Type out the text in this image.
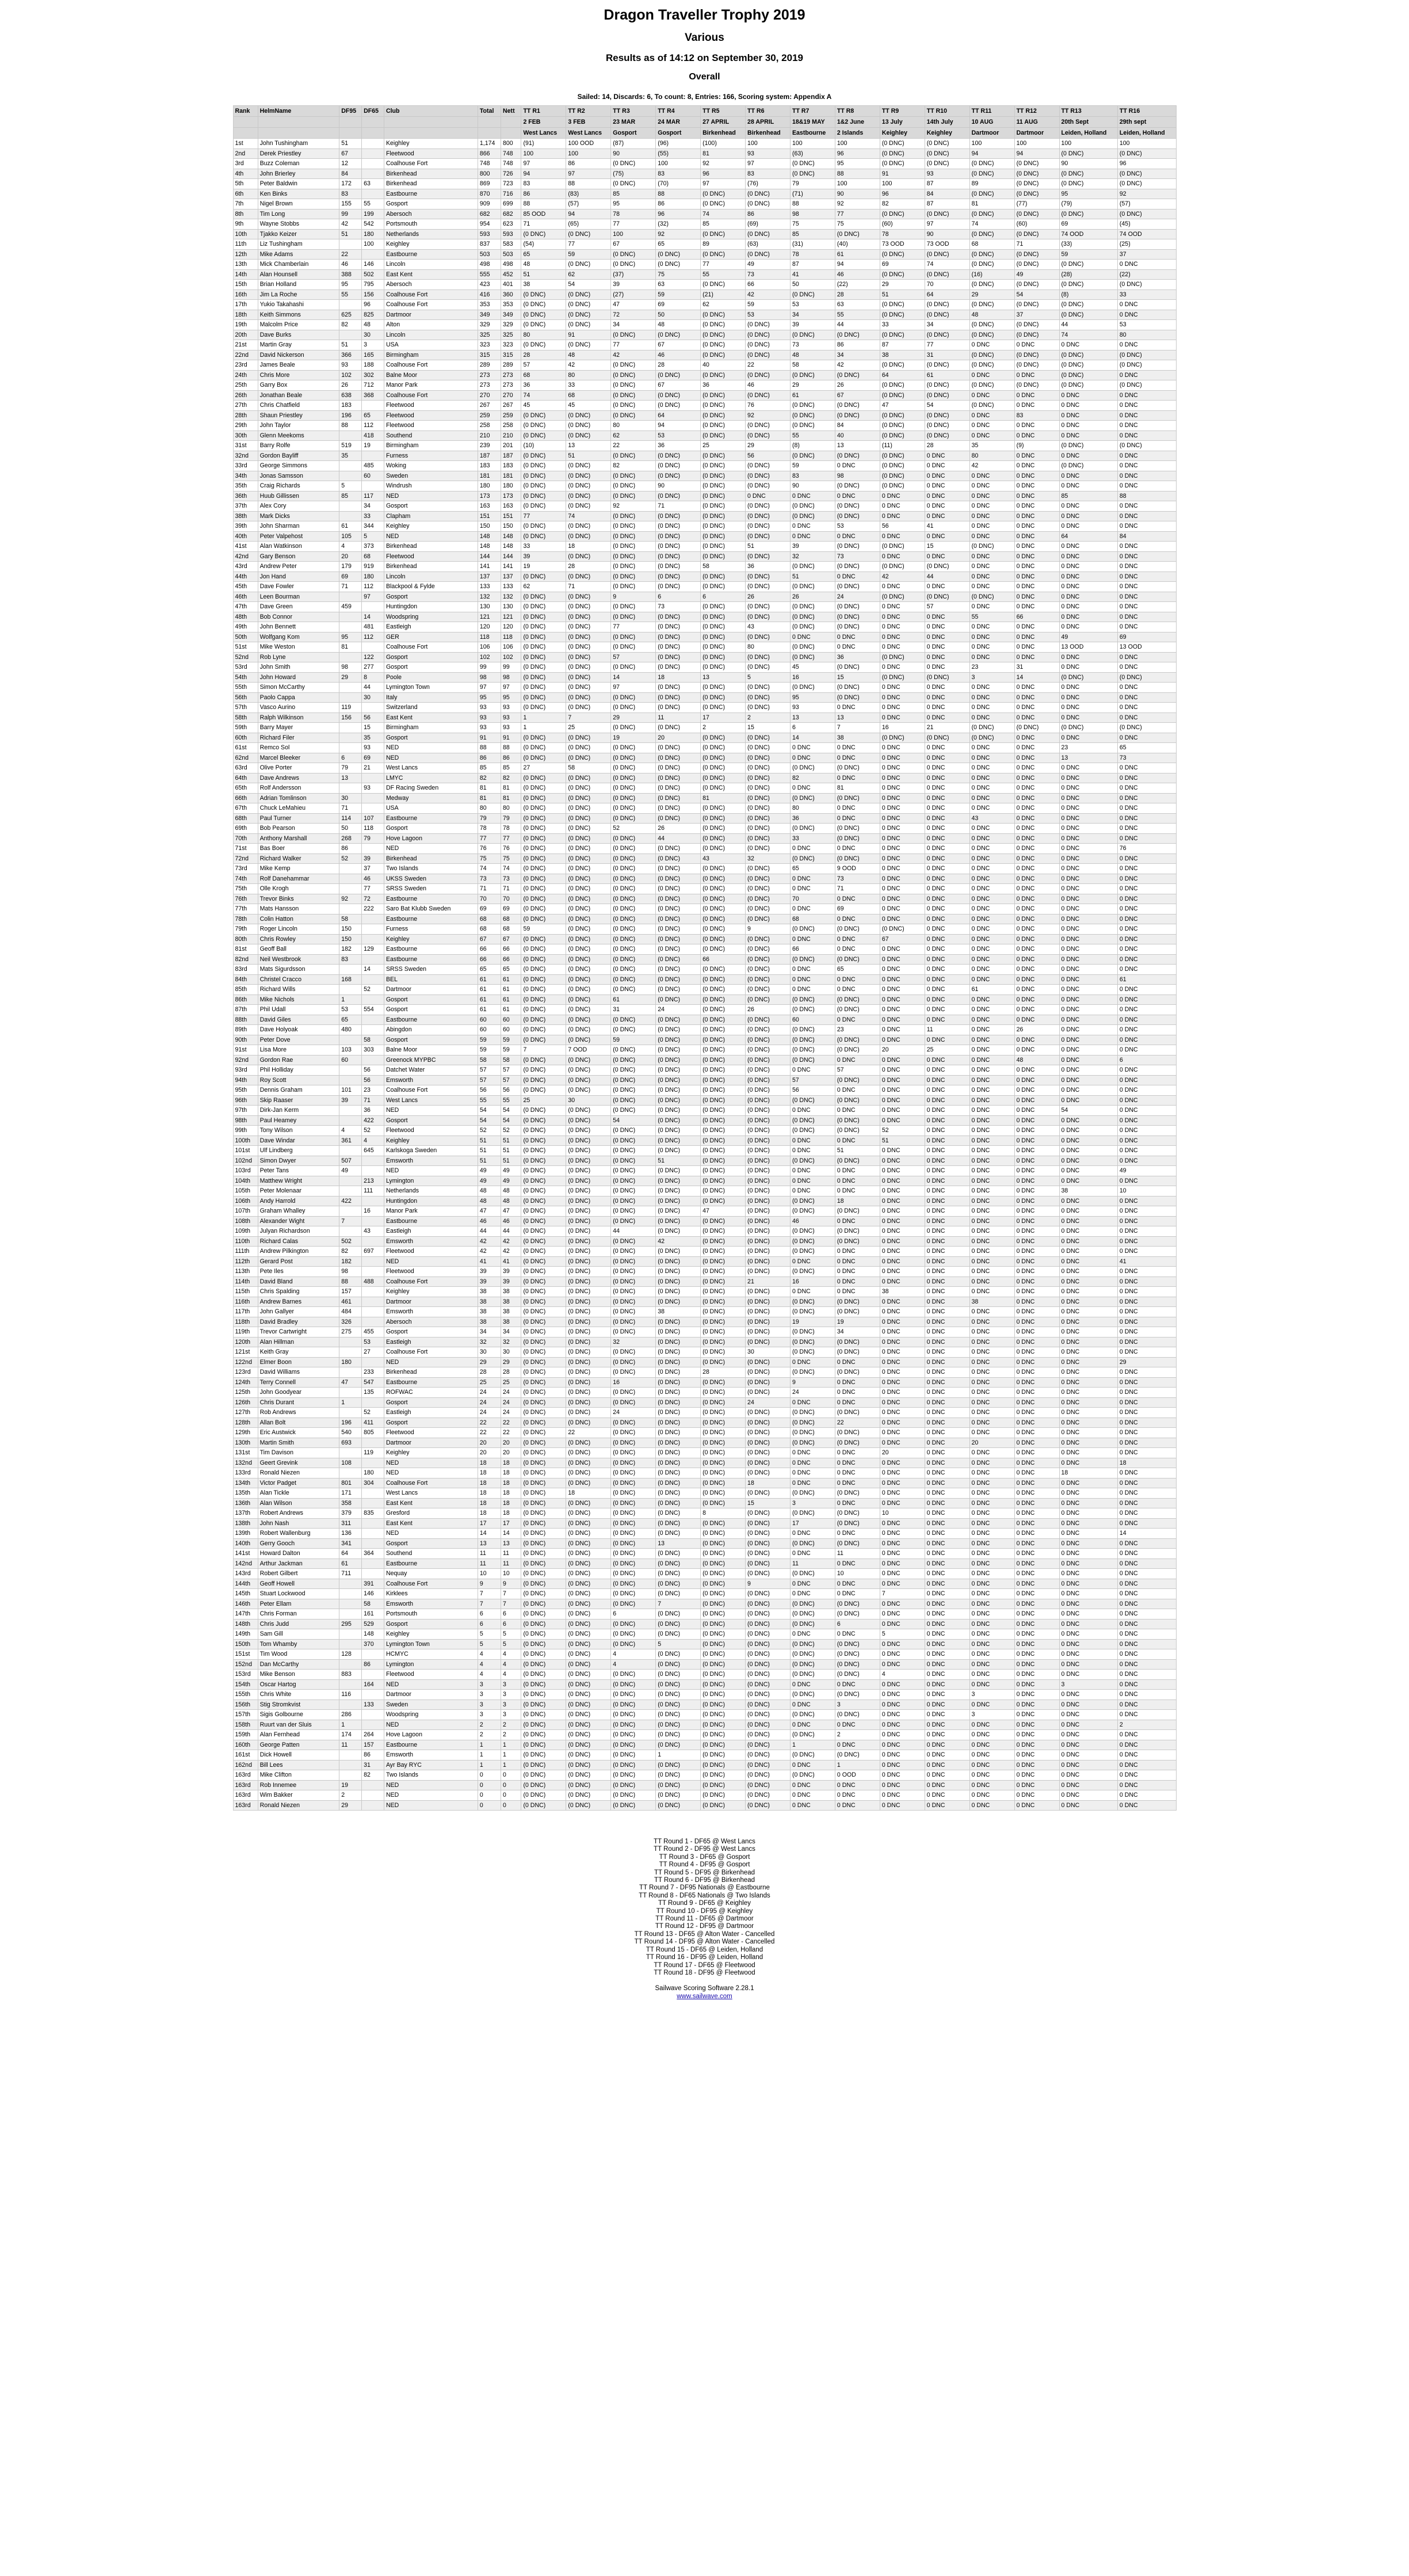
Dragon Traveller Trophy 2019
Various
Results as of 14:12 on September 30, 2019
Overall
Sailed: 14, Discards: 6, To count: 8, Entries: 166, Scoring system: Appendix A
Rank	HelmName	DF95	DF65	Club	Total	Nett	TT R1	TT R2	TT R3	TT R4	TT R5	TT R6	TT R7	TT R8	TT R9	TT R10	TT R11	TT R12	TT R13	TT R16
							2 FEB	3 FEB	23 MAR	24 MAR	27 APRIL	28 APRIL	18&19 MAY	1&2 June	13 July	14th July	10 AUG	11 AUG	20th Sept	29th sept
							West Lancs	West Lancs	Gosport	Gosport	Birkenhead	Birkenhead	Eastbourne	2 Islands	Keighley	Keighley	Dartmoor	Dartmoor	Leiden, Holland	Leiden, Holland
1st	John Tushingham	51		Keighley	1,174	800	(91)	100 OOD	(87)	(96)	(100)	100	100	100	(0 DNC)	(0 DNC)	100	100	100	100
2nd	Derek Priestley	67		Fleetwood	866	748	100	100	90	(55)	81	93	(63)	96	(0 DNC)	(0 DNC)	94	94	(0 DNC)	(0 DNC)
3rd	Buzz Coleman	12		Coalhouse Fort	748	748	97	86	(0 DNC)	100	92	97	(0 DNC)	95	(0 DNC)	(0 DNC)	(0 DNC)	(0 DNC)	90	96
4th	John Brierley	84		Birkenhead	800	726	94	97	(75)	83	96	83	(0 DNC)	88	91	93	(0 DNC)	(0 DNC)	(0 DNC)	(0 DNC)
5th	Peter Baldwin	172	63	Birkenhead	869	723	83	88	(0 DNC)	(70)	97	(76)	79	100	100	87	89	(0 DNC)	(0 DNC)	(0 DNC)
6th	Ken Binks	83		Eastbourne	870	716	86	(83)	85	88	(0 DNC)	(0 DNC)	(71)	90	96	84	(0 DNC)	(0 DNC)	95	92
7th	Nigel Brown	155	55	Gosport	909	699	88	(57)	95	86	(0 DNC)	(0 DNC)	88	92	82	87	81	(77)	(79)	(57)
8th	Tim Long	99	199	Abersoch	682	682	85 OOD	94	78	96	74	86	98	77	(0 DNC)	(0 DNC)	(0 DNC)	(0 DNC)	(0 DNC)	(0 DNC)
9th	Wayne Stobbs	42	542	Portsmouth	954	623	71	(65)	77	(32)	85	(69)	75	75	(60)	97	74	(60)	69	(45)
10th	Tjakko Keizer	51	180	Netherlands	593	593	(0 DNC)	(0 DNC)	100	92	(0 DNC)	(0 DNC)	85	(0 DNC)	78	90	(0 DNC)	(0 DNC)	74 OOD	74 OOD
11th	Liz Tushingham		100	Keighley	837	583	(54)	77	67	65	89	(63)	(31)	(40)	73 OOD	73 OOD	68	71	(33)	(25)
12th	Mike Adams	22		Eastbourne	503	503	65	59	(0 DNC)	(0 DNC)	(0 DNC)	(0 DNC)	78	61	(0 DNC)	(0 DNC)	(0 DNC)	(0 DNC)	59	37
13th	Mick Chamberlain	46	146	Lincoln	498	498	48	(0 DNC)	(0 DNC)	(0 DNC)	77	49	87	94	69	74	(0 DNC)	(0 DNC)	(0 DNC)	0 DNC
14th	Alan Hounsell	388	502	East Kent	555	452	51	62	(37)	75	55	73	41	46	(0 DNC)	(0 DNC)	(16)	49	(28)	(22)
15th	Brian Holland	95	795	Abersoch	423	401	38	54	39	63	(0 DNC)	66	50	(22)	29	70	(0 DNC)	(0 DNC)	(0 DNC)	(0 DNC)
16th	Jim La Roche	55	156	Coalhouse Fort	416	360	(0 DNC)	(0 DNC)	(27)	59	(21)	42	(0 DNC)	28	51	64	29	54	(8)	33
17th	Yukio Takahashi		96	Coalhouse Fort	353	353	(0 DNC)	(0 DNC)	47	69	62	59	53	63	(0 DNC)	(0 DNC)	(0 DNC)	(0 DNC)	(0 DNC)	0 DNC
18th	Keith Simmons	625	825	Dartmoor	349	349	(0 DNC)	(0 DNC)	72	50	(0 DNC)	53	34	55	(0 DNC)	(0 DNC)	48	37	(0 DNC)	0 DNC
19th	Malcolm Price	82	48	Alton	329	329	(0 DNC)	(0 DNC)	34	48	(0 DNC)	(0 DNC)	39	44	33	34	(0 DNC)	(0 DNC)	44	53
20th	Dave Burks		30	Lincoln	325	325	80	91	(0 DNC)	(0 DNC)	(0 DNC)	(0 DNC)	(0 DNC)	(0 DNC)	(0 DNC)	(0 DNC)	(0 DNC)	(0 DNC)	74	80
21st	Martin Gray	51	3	USA	323	323	(0 DNC)	(0 DNC)	77	67	(0 DNC)	(0 DNC)	73	86	87	77	0 DNC	0 DNC	0 DNC	0 DNC
22nd	David Nickerson	366	165	Birmingham	315	315	28	48	42	46	(0 DNC)	(0 DNC)	48	34	38	31	(0 DNC)	(0 DNC)	(0 DNC)	(0 DNC)
23rd	James Beale	93	188	Coalhouse Fort	289	289	57	42	(0 DNC)	28	40	22	58	42	(0 DNC)	(0 DNC)	(0 DNC)	(0 DNC)	(0 DNC)	(0 DNC)
24th	Chris More	102	302	Balne Moor	273	273	68	80	(0 DNC)	(0 DNC)	(0 DNC)	(0 DNC)	(0 DNC)	(0 DNC)	64	61	0 DNC	0 DNC	(0 DNC)	0 DNC
25th	Garry Box	26	712	Manor Park	273	273	36	33	(0 DNC)	67	36	46	29	26	(0 DNC)	(0 DNC)	(0 DNC)	(0 DNC)	(0 DNC)	(0 DNC)
26th	Jonathan Beale	638	368	Coalhouse Fort	270	270	74	68	(0 DNC)	(0 DNC)	(0 DNC)	(0 DNC)	61	67	(0 DNC)	(0 DNC)	0 DNC	0 DNC	0 DNC	0 DNC
27th	Chris Chatfield	183		Fleetwood	267	267	45	45	(0 DNC)	(0 DNC)	(0 DNC)	76	(0 DNC)	(0 DNC)	47	54	(0 DNC)	0 DNC	0 DNC	0 DNC
28th	Shaun Priestley	196	65	Fleetwood	259	259	(0 DNC)	(0 DNC)	(0 DNC)	64	(0 DNC)	92	(0 DNC)	(0 DNC)	(0 DNC)	(0 DNC)	0 DNC	83	0 DNC	0 DNC
29th	John Taylor	88	112	Fleetwood	258	258	(0 DNC)	(0 DNC)	80	94	(0 DNC)	(0 DNC)	(0 DNC)	84	(0 DNC)	(0 DNC)	0 DNC	0 DNC	0 DNC	0 DNC
30th	Glenn Meekoms		418	Southend	210	210	(0 DNC)	(0 DNC)	62	53	(0 DNC)	(0 DNC)	55	40	(0 DNC)	(0 DNC)	0 DNC	0 DNC	0 DNC	0 DNC
31st	Barry Rolfe	519	19	Birmingham	239	201	(10)	13	22	36	25	29	(8)	13	(11)	28	35	(9)	(0 DNC)	(0 DNC)
32nd	Gordon Bayliff	35		Furness	187	187	(0 DNC)	51	(0 DNC)	(0 DNC)	(0 DNC)	56	(0 DNC)	(0 DNC)	(0 DNC)	0 DNC	80	0 DNC	0 DNC	0 DNC
33rd	George Simmons		485	Woking	183	183	(0 DNC)	(0 DNC)	82	(0 DNC)	(0 DNC)	(0 DNC)	59	0 DNC	(0 DNC)	0 DNC	42	0 DNC	(0 DNC)	0 DNC
34th	Jonas Samsson		60	Sweden	181	181	(0 DNC)	(0 DNC)	(0 DNC)	(0 DNC)	(0 DNC)	(0 DNC)	83	98	(0 DNC)	0 DNC	0 DNC	0 DNC	0 DNC	0 DNC
35th	Craig Richards	5		Windrush	180	180	(0 DNC)	(0 DNC)	(0 DNC)	90	(0 DNC)	(0 DNC)	90	(0 DNC)	(0 DNC)	0 DNC	0 DNC	0 DNC	0 DNC	0 DNC
36th	Huub Gillissen	85	117	NED	173	173	(0 DNC)	(0 DNC)	(0 DNC)	(0 DNC)	(0 DNC)	0 DNC	0 DNC	0 DNC	0 DNC	0 DNC	0 DNC	0 DNC	85	88
37th	Alex Cory		34	Gosport	163	163	(0 DNC)	(0 DNC)	92	71	(0 DNC)	(0 DNC)	(0 DNC)	(0 DNC)	0 DNC	0 DNC	0 DNC	0 DNC	0 DNC	0 DNC
38th	Mark Dicks		33	Clapham	151	151	77	74	(0 DNC)	(0 DNC)	(0 DNC)	(0 DNC)	(0 DNC)	(0 DNC)	0 DNC	0 DNC	0 DNC	0 DNC	0 DNC	0 DNC
39th	John Sharman	61	344	Keighley	150	150	(0 DNC)	(0 DNC)	(0 DNC)	(0 DNC)	(0 DNC)	(0 DNC)	0 DNC	53	56	41	0 DNC	0 DNC	0 DNC	0 DNC
40th	Peter Valpehost	105	5	NED	148	148	(0 DNC)	(0 DNC)	(0 DNC)	(0 DNC)	(0 DNC)	(0 DNC)	0 DNC	0 DNC	0 DNC	0 DNC	0 DNC	0 DNC	64	84
41st	Alan Watkinson	4	373	Birkenhead	148	148	33	18	(0 DNC)	(0 DNC)	(0 DNC)	51	39	(0 DNC)	(0 DNC)	15	(0 DNC)	0 DNC	0 DNC	0 DNC
42nd	Gary Benson	20	68	Fleetwood	144	144	39	(0 DNC)	(0 DNC)	(0 DNC)	(0 DNC)	(0 DNC)	32	73	0 DNC	0 DNC	0 DNC	0 DNC	0 DNC	0 DNC
43rd	Andrew Peter	179	919	Birkenhead	141	141	19	28	(0 DNC)	(0 DNC)	58	36	(0 DNC)	(0 DNC)	(0 DNC)	(0 DNC)	0 DNC	0 DNC	0 DNC	0 DNC
44th	Jon Hand	69	180	Lincoln	137	137	(0 DNC)	(0 DNC)	(0 DNC)	(0 DNC)	(0 DNC)	(0 DNC)	51	0 DNC	42	44	0 DNC	0 DNC	0 DNC	0 DNC
45th	Dave Fowler	71	112	Blackpool & Fylde	133	133	62	71	(0 DNC)	(0 DNC)	(0 DNC)	(0 DNC)	(0 DNC)	(0 DNC)	0 DNC	0 DNC	0 DNC	0 DNC	0 DNC	0 DNC
46th	Leen Bourman		97	Gosport	132	132	(0 DNC)	(0 DNC)	9	6	6	26	26	24	(0 DNC)	(0 DNC)	(0 DNC)	0 DNC	0 DNC	0 DNC
47th	Dave Green	459		Huntingdon	130	130	(0 DNC)	(0 DNC)	(0 DNC)	73	(0 DNC)	(0 DNC)	(0 DNC)	(0 DNC)	0 DNC	57	0 DNC	0 DNC	0 DNC	0 DNC
48th	Bob Connor		14	Woodspring	121	121	(0 DNC)	(0 DNC)	(0 DNC)	(0 DNC)	(0 DNC)	(0 DNC)	(0 DNC)	(0 DNC)	0 DNC	0 DNC	55	66	0 DNC	0 DNC
49th	John Bennett		481	Eastleigh	120	120	(0 DNC)	(0 DNC)	77	(0 DNC)	(0 DNC)	43	(0 DNC)	(0 DNC)	0 DNC	0 DNC	0 DNC	0 DNC	0 DNC	0 DNC
50th	Wolfgang Kom	95	112	GER	118	118	(0 DNC)	(0 DNC)	(0 DNC)	(0 DNC)	(0 DNC)	(0 DNC)	0 DNC	0 DNC	0 DNC	0 DNC	0 DNC	0 DNC	49	69
51st	Mike Weston	81		Coalhouse Fort	106	106	(0 DNC)	(0 DNC)	(0 DNC)	(0 DNC)	(0 DNC)	80	(0 DNC)	0 DNC	0 DNC	0 DNC	0 DNC	0 DNC	13 OOD	13 OOD
52nd	Rob Lyne		122	Gosport	102	102	(0 DNC)	(0 DNC)	57	(0 DNC)	(0 DNC)	(0 DNC)	(0 DNC)	36	(0 DNC)	0 DNC	0 DNC	0 DNC	0 DNC	0 DNC
53rd	John Smith	98	277	Gosport	99	99	(0 DNC)	(0 DNC)	(0 DNC)	(0 DNC)	(0 DNC)	(0 DNC)	45	(0 DNC)	0 DNC	0 DNC	23	31	0 DNC	0 DNC
54th	John Howard	29	8	Poole	98	98	(0 DNC)	(0 DNC)	14	18	13	5	16	15	(0 DNC)	(0 DNC)	3	14	(0 DNC)	(0 DNC)
55th	Simon McCarthy		44	Lymington Town	97	97	(0 DNC)	(0 DNC)	97	(0 DNC)	(0 DNC)	(0 DNC)	(0 DNC)	(0 DNC)	0 DNC	0 DNC	0 DNC	0 DNC	0 DNC	0 DNC
56th	Paolo Cappa		30	Italy	95	95	(0 DNC)	(0 DNC)	(0 DNC)	(0 DNC)	(0 DNC)	(0 DNC)	95	(0 DNC)	0 DNC	0 DNC	0 DNC	0 DNC	0 DNC	0 DNC
57th	Vasco Aurino	119		Switzerland	93	93	(0 DNC)	(0 DNC)	(0 DNC)	(0 DNC)	(0 DNC)	(0 DNC)	93	0 DNC	0 DNC	0 DNC	0 DNC	0 DNC	0 DNC	0 DNC
58th	Ralph Wilkinson	156	56	East Kent	93	93	1	7	29	11	17	2	13	13	0 DNC	0 DNC	0 DNC	0 DNC	0 DNC	0 DNC
59th	Barry Mayer		15	Birmingham	93	93	1	25	(0 DNC)	(0 DNC)	2	15	6	7	16	21	(0 DNC)	(0 DNC)	(0 DNC)	(0 DNC)
60th	Richard Filer		35	Gosport	91	91	(0 DNC)	(0 DNC)	19	20	(0 DNC)	(0 DNC)	14	38	(0 DNC)	(0 DNC)	(0 DNC)	0 DNC	0 DNC	0 DNC
61st	Remco Sol		93	NED	88	88	(0 DNC)	(0 DNC)	(0 DNC)	(0 DNC)	(0 DNC)	(0 DNC)	0 DNC	0 DNC	0 DNC	0 DNC	0 DNC	0 DNC	23	65
62nd	Marcel Bleeker	6	69	NED	86	86	(0 DNC)	(0 DNC)	(0 DNC)	(0 DNC)	(0 DNC)	(0 DNC)	0 DNC	0 DNC	0 DNC	0 DNC	0 DNC	0 DNC	13	73
63rd	Olive Porter	79	21	West Lancs	85	85	27	58	(0 DNC)	(0 DNC)	(0 DNC)	(0 DNC)	(0 DNC)	(0 DNC)	0 DNC	0 DNC	0 DNC	0 DNC	0 DNC	0 DNC
64th	Dave Andrews	13		LMYC	82	82	(0 DNC)	(0 DNC)	(0 DNC)	(0 DNC)	(0 DNC)	(0 DNC)	82	0 DNC	0 DNC	0 DNC	0 DNC	0 DNC	0 DNC	0 DNC
65th	Rolf Andersson		93	DF Racing Sweden	81	81	(0 DNC)	(0 DNC)	(0 DNC)	(0 DNC)	(0 DNC)	(0 DNC)	0 DNC	81	0 DNC	0 DNC	0 DNC	0 DNC	0 DNC	0 DNC
66th	Adrian Tomlinson	30		Medway	81	81	(0 DNC)	(0 DNC)	(0 DNC)	(0 DNC)	81	(0 DNC)	(0 DNC)	(0 DNC)	0 DNC	0 DNC	0 DNC	0 DNC	0 DNC	0 DNC
67th	Chuck LeMahieu	71		USA	80	80	(0 DNC)	(0 DNC)	(0 DNC)	(0 DNC)	(0 DNC)	(0 DNC)	80	0 DNC	0 DNC	0 DNC	0 DNC	0 DNC	0 DNC	0 DNC
68th	Paul Turner	114	107	Eastbourne	79	79	(0 DNC)	(0 DNC)	(0 DNC)	(0 DNC)	(0 DNC)	(0 DNC)	36	0 DNC	0 DNC	0 DNC	43	0 DNC	0 DNC	0 DNC
69th	Bob Pearson	50	118	Gosport	78	78	(0 DNC)	(0 DNC)	52	26	(0 DNC)	(0 DNC)	(0 DNC)	(0 DNC)	0 DNC	0 DNC	0 DNC	0 DNC	0 DNC	0 DNC
70th	Anthony Marshall	268	79	Hove Lagoon	77	77	(0 DNC)	(0 DNC)	(0 DNC)	44	(0 DNC)	(0 DNC)	33	(0 DNC)	0 DNC	0 DNC	0 DNC	0 DNC	0 DNC	0 DNC
71st	Bas Boer	86		NED	76	76	(0 DNC)	(0 DNC)	(0 DNC)	(0 DNC)	(0 DNC)	(0 DNC)	0 DNC	0 DNC	0 DNC	0 DNC	0 DNC	0 DNC	0 DNC	76
72nd	Richard Walker	52	39	Birkenhead	75	75	(0 DNC)	(0 DNC)	(0 DNC)	(0 DNC)	43	32	(0 DNC)	(0 DNC)	0 DNC	0 DNC	0 DNC	0 DNC	0 DNC	0 DNC
73rd	Mike Kemp		37	Two Islands	74	74	(0 DNC)	(0 DNC)	(0 DNC)	(0 DNC)	(0 DNC)	(0 DNC)	65	9 OOD	0 DNC	0 DNC	0 DNC	0 DNC	0 DNC	0 DNC
74th	Rolf Danehammar		46	UKSS Sweden	73	73	(0 DNC)	(0 DNC)	(0 DNC)	(0 DNC)	(0 DNC)	(0 DNC)	0 DNC	73	0 DNC	0 DNC	0 DNC	0 DNC	0 DNC	0 DNC
75th	Olle Krogh		77	SRSS Sweden	71	71	(0 DNC)	(0 DNC)	(0 DNC)	(0 DNC)	(0 DNC)	(0 DNC)	0 DNC	71	0 DNC	0 DNC	0 DNC	0 DNC	0 DNC	0 DNC
76th	Trevor Binks	92	72	Eastbourne	70	70	(0 DNC)	(0 DNC)	(0 DNC)	(0 DNC)	(0 DNC)	(0 DNC)	70	0 DNC	0 DNC	0 DNC	0 DNC	0 DNC	0 DNC	0 DNC
77th	Mats Hansson		222	Saro Bat Klubb Sweden	69	69	(0 DNC)	(0 DNC)	(0 DNC)	(0 DNC)	(0 DNC)	(0 DNC)	0 DNC	69	0 DNC	0 DNC	0 DNC	0 DNC	0 DNC	0 DNC
78th	Colin Hatton	58		Eastbourne	68	68	(0 DNC)	(0 DNC)	(0 DNC)	(0 DNC)	(0 DNC)	(0 DNC)	68	0 DNC	0 DNC	0 DNC	0 DNC	0 DNC	0 DNC	0 DNC
79th	Roger Lincoln	150		Furness	68	68	59	(0 DNC)	(0 DNC)	(0 DNC)	(0 DNC)	9	(0 DNC)	(0 DNC)	(0 DNC)	0 DNC	0 DNC	0 DNC	0 DNC	0 DNC
80th	Chris Rowley	150		Keighley	67	67	(0 DNC)	(0 DNC)	(0 DNC)	(0 DNC)	(0 DNC)	(0 DNC)	0 DNC	0 DNC	67	0 DNC	0 DNC	0 DNC	0 DNC	0 DNC
81st	Geoff Ball	182	129	Eastbourne	66	66	(0 DNC)	(0 DNC)	(0 DNC)	(0 DNC)	(0 DNC)	(0 DNC)	66	0 DNC	0 DNC	0 DNC	0 DNC	0 DNC	0 DNC	0 DNC
82nd	Neil Westbrook	83		Eastbourne	66	66	(0 DNC)	(0 DNC)	(0 DNC)	(0 DNC)	66	(0 DNC)	(0 DNC)	(0 DNC)	0 DNC	0 DNC	0 DNC	0 DNC	0 DNC	0 DNC
83rd	Mats Sigurdsson		14	SRSS Sweden	65	65	(0 DNC)	(0 DNC)	(0 DNC)	(0 DNC)	(0 DNC)	(0 DNC)	0 DNC	65	0 DNC	0 DNC	0 DNC	0 DNC	0 DNC	0 DNC
84th	Christel Cracco	168		BEL	61	61	(0 DNC)	(0 DNC)	(0 DNC)	(0 DNC)	(0 DNC)	(0 DNC)	0 DNC	0 DNC	0 DNC	0 DNC	0 DNC	0 DNC	0 DNC	61
85th	Richard Wills		52	Dartmoor	61	61	(0 DNC)	(0 DNC)	(0 DNC)	(0 DNC)	(0 DNC)	(0 DNC)	0 DNC	0 DNC	0 DNC	0 DNC	61	0 DNC	0 DNC	0 DNC
86th	Mike Nichols	1		Gosport	61	61	(0 DNC)	(0 DNC)	61	(0 DNC)	(0 DNC)	(0 DNC)	(0 DNC)	(0 DNC)	0 DNC	0 DNC	0 DNC	0 DNC	0 DNC	0 DNC
87th	Phil Udall	53	554	Gosport	61	61	(0 DNC)	(0 DNC)	31	24	(0 DNC)	26	(0 DNC)	(0 DNC)	0 DNC	0 DNC	0 DNC	0 DNC	0 DNC	0 DNC
88th	David Giles	65		Eastbourne	60	60	(0 DNC)	(0 DNC)	(0 DNC)	(0 DNC)	(0 DNC)	(0 DNC)	60	0 DNC	0 DNC	0 DNC	0 DNC	0 DNC	0 DNC	0 DNC
89th	Dave Holyoak	480		Abingdon	60	60	(0 DNC)	(0 DNC)	(0 DNC)	(0 DNC)	(0 DNC)	(0 DNC)	(0 DNC)	23	0 DNC	11	0 DNC	26	0 DNC	0 DNC
90th	Peter Dove		58	Gosport	59	59	(0 DNC)	(0 DNC)	59	(0 DNC)	(0 DNC)	(0 DNC)	(0 DNC)	(0 DNC)	0 DNC	0 DNC	0 DNC	0 DNC	0 DNC	0 DNC
91st	Lisa More	103	303	Balne Moor	59	59	7	7 OOD	(0 DNC)	(0 DNC)	(0 DNC)	(0 DNC)	(0 DNC)	(0 DNC)	20	25	0 DNC	0 DNC	0 DNC	0 DNC
92nd	Gordon Rae	60		Greenock MYPBC	58	58	(0 DNC)	(0 DNC)	(0 DNC)	(0 DNC)	(0 DNC)	(0 DNC)	(0 DNC)	0 DNC	0 DNC	0 DNC	0 DNC	48	0 DNC	6
93rd	Phil Holliday		56	Datchet Water	57	57	(0 DNC)	(0 DNC)	(0 DNC)	(0 DNC)	(0 DNC)	(0 DNC)	0 DNC	57	0 DNC	0 DNC	0 DNC	0 DNC	0 DNC	0 DNC
94th	Roy Scott		56	Emsworth	57	57	(0 DNC)	(0 DNC)	(0 DNC)	(0 DNC)	(0 DNC)	(0 DNC)	57	(0 DNC)	0 DNC	0 DNC	0 DNC	0 DNC	0 DNC	0 DNC
95th	Dennis Graham	101	23	Coalhouse Fort	56	56	(0 DNC)	(0 DNC)	(0 DNC)	(0 DNC)	(0 DNC)	(0 DNC)	56	0 DNC	0 DNC	0 DNC	0 DNC	0 DNC	0 DNC	0 DNC
96th	Skip Raaser	39	71	West Lancs	55	55	25	30	(0 DNC)	(0 DNC)	(0 DNC)	(0 DNC)	(0 DNC)	(0 DNC)	0 DNC	0 DNC	0 DNC	0 DNC	0 DNC	0 DNC
97th	Dirk-Jan Kerm		36	NED	54	54	(0 DNC)	(0 DNC)	(0 DNC)	(0 DNC)	(0 DNC)	(0 DNC)	0 DNC	0 DNC	0 DNC	0 DNC	0 DNC	0 DNC	54	0 DNC
98th	Paul Heamey		422	Gosport	54	54	(0 DNC)	(0 DNC)	54	(0 DNC)	(0 DNC)	(0 DNC)	(0 DNC)	(0 DNC)	0 DNC	0 DNC	0 DNC	0 DNC	0 DNC	0 DNC
99th	Tony Wilson	4	52	Fleetwood	52	52	(0 DNC)	(0 DNC)	(0 DNC)	(0 DNC)	(0 DNC)	(0 DNC)	(0 DNC)	(0 DNC)	52	0 DNC	0 DNC	0 DNC	0 DNC	0 DNC
100th	Dave Windar	361	4	Keighley	51	51	(0 DNC)	(0 DNC)	(0 DNC)	(0 DNC)	(0 DNC)	(0 DNC)	0 DNC	0 DNC	51	0 DNC	0 DNC	0 DNC	0 DNC	0 DNC
101st	Ulf Lindberg		645	Karlskoga Sweden	51	51	(0 DNC)	(0 DNC)	(0 DNC)	(0 DNC)	(0 DNC)	(0 DNC)	0 DNC	51	0 DNC	0 DNC	0 DNC	0 DNC	0 DNC	0 DNC
102nd	Simon Dwyer	507		Emsworth	51	51	(0 DNC)	(0 DNC)	(0 DNC)	51	(0 DNC)	(0 DNC)	(0 DNC)	(0 DNC)	0 DNC	0 DNC	0 DNC	0 DNC	0 DNC	0 DNC
103rd	Peter Tans	49		NED	49	49	(0 DNC)	(0 DNC)	(0 DNC)	(0 DNC)	(0 DNC)	(0 DNC)	0 DNC	0 DNC	0 DNC	0 DNC	0 DNC	0 DNC	0 DNC	49
104th	Matthew Wright		213	Lymington	49	49	(0 DNC)	(0 DNC)	(0 DNC)	(0 DNC)	(0 DNC)	(0 DNC)	0 DNC	0 DNC	0 DNC	0 DNC	0 DNC	0 DNC	0 DNC	0 DNC
105th	Peter Molenaar		111	Netherlands	48	48	(0 DNC)	(0 DNC)	(0 DNC)	(0 DNC)	(0 DNC)	(0 DNC)	0 DNC	0 DNC	0 DNC	0 DNC	0 DNC	0 DNC	38	10
106th	Andy Harrold	422		Huntingdon	48	48	(0 DNC)	(0 DNC)	(0 DNC)	(0 DNC)	(0 DNC)	(0 DNC)	(0 DNC)	18	0 DNC	0 DNC	0 DNC	0 DNC	0 DNC	0 DNC
107th	Graham Whalley		16	Manor Park	47	47	(0 DNC)	(0 DNC)	(0 DNC)	(0 DNC)	47	(0 DNC)	(0 DNC)	(0 DNC)	0 DNC	0 DNC	0 DNC	0 DNC	0 DNC	0 DNC
108th	Alexander Wight	7		Eastbourne	46	46	(0 DNC)	(0 DNC)	(0 DNC)	(0 DNC)	(0 DNC)	(0 DNC)	46	0 DNC	0 DNC	0 DNC	0 DNC	0 DNC	0 DNC	0 DNC
109th	Julyan Richardson		43	Eastleigh	44	44	(0 DNC)	(0 DNC)	44	(0 DNC)	(0 DNC)	(0 DNC)	(0 DNC)	(0 DNC)	0 DNC	0 DNC	0 DNC	0 DNC	0 DNC	0 DNC
110th	Richard Calas	502		Emsworth	42	42	(0 DNC)	(0 DNC)	(0 DNC)	42	(0 DNC)	(0 DNC)	(0 DNC)	(0 DNC)	0 DNC	0 DNC	0 DNC	0 DNC	0 DNC	0 DNC
111th	Andrew Pilkington	82	697	Fleetwood	42	42	(0 DNC)	(0 DNC)	(0 DNC)	(0 DNC)	(0 DNC)	(0 DNC)	(0 DNC)	0 DNC	0 DNC	0 DNC	0 DNC	0 DNC	0 DNC	0 DNC
112th	Gerard Post	182		NED	41	41	(0 DNC)	(0 DNC)	(0 DNC)	(0 DNC)	(0 DNC)	(0 DNC)	0 DNC	0 DNC	0 DNC	0 DNC	0 DNC	0 DNC	0 DNC	41
113th	Pete Iles	98		Fleetwood	39	39	(0 DNC)	(0 DNC)	(0 DNC)	(0 DNC)	(0 DNC)	(0 DNC)	(0 DNC)	0 DNC	0 DNC	0 DNC	0 DNC	0 DNC	0 DNC	0 DNC
114th	David Bland	88	488	Coalhouse Fort	39	39	(0 DNC)	(0 DNC)	(0 DNC)	(0 DNC)	(0 DNC)	21	16	0 DNC	0 DNC	0 DNC	0 DNC	0 DNC	0 DNC	0 DNC
115th	Chris Spalding	157		Keighley	38	38	(0 DNC)	(0 DNC)	(0 DNC)	(0 DNC)	(0 DNC)	(0 DNC)	0 DNC	0 DNC	38	0 DNC	0 DNC	0 DNC	0 DNC	0 DNC
116th	Andrew Barnes	461		Dartmoor	38	38	(0 DNC)	(0 DNC)	(0 DNC)	(0 DNC)	(0 DNC)	(0 DNC)	(0 DNC)	(0 DNC)	0 DNC	0 DNC	38	0 DNC	0 DNC	0 DNC
117th	John Gallyer	484		Emsworth	38	38	(0 DNC)	(0 DNC)	(0 DNC)	38	(0 DNC)	(0 DNC)	(0 DNC)	(0 DNC)	0 DNC	0 DNC	0 DNC	0 DNC	0 DNC	0 DNC
118th	David Bradley	326		Abersoch	38	38	(0 DNC)	(0 DNC)	(0 DNC)	(0 DNC)	(0 DNC)	(0 DNC)	19	19	0 DNC	0 DNC	0 DNC	0 DNC	0 DNC	0 DNC
119th	Trevor Cartwright	275	455	Gosport	34	34	(0 DNC)	(0 DNC)	(0 DNC)	(0 DNC)	(0 DNC)	(0 DNC)	(0 DNC)	34	0 DNC	0 DNC	0 DNC	0 DNC	0 DNC	0 DNC
120th	Alan Hillman		53	Eastleigh	32	32	(0 DNC)	(0 DNC)	32	(0 DNC)	(0 DNC)	(0 DNC)	(0 DNC)	(0 DNC)	0 DNC	0 DNC	0 DNC	0 DNC	0 DNC	0 DNC
121st	Keith Gray		27	Coalhouse Fort	30	30	(0 DNC)	(0 DNC)	(0 DNC)	(0 DNC)	(0 DNC)	30	(0 DNC)	(0 DNC)	0 DNC	0 DNC	0 DNC	0 DNC	0 DNC	0 DNC
122nd	Elmer Boon	180		NED	29	29	(0 DNC)	(0 DNC)	(0 DNC)	(0 DNC)	(0 DNC)	(0 DNC)	0 DNC	0 DNC	0 DNC	0 DNC	0 DNC	0 DNC	0 DNC	29
123rd	David Williams		233	Birkenhead	28	28	(0 DNC)	(0 DNC)	(0 DNC)	(0 DNC)	28	(0 DNC)	(0 DNC)	(0 DNC)	0 DNC	0 DNC	0 DNC	0 DNC	0 DNC	0 DNC
124th	Terry Connell	47	547	Eastbourne	25	25	(0 DNC)	(0 DNC)	16	(0 DNC)	(0 DNC)	(0 DNC)	9	0 DNC	0 DNC	0 DNC	0 DNC	0 DNC	0 DNC	0 DNC
125th	John Goodyear		135	ROFWAC	24	24	(0 DNC)	(0 DNC)	(0 DNC)	(0 DNC)	(0 DNC)	(0 DNC)	24	0 DNC	0 DNC	0 DNC	0 DNC	0 DNC	0 DNC	0 DNC
126th	Chris Durant	1		Gosport	24	24	(0 DNC)	(0 DNC)	(0 DNC)	(0 DNC)	(0 DNC)	24	0 DNC	0 DNC	0 DNC	0 DNC	0 DNC	0 DNC	0 DNC	0 DNC
127th	Rob Andrews		52	Eastleigh	24	24	(0 DNC)	(0 DNC)	24	(0 DNC)	(0 DNC)	(0 DNC)	(0 DNC)	(0 DNC)	0 DNC	0 DNC	0 DNC	0 DNC	0 DNC	0 DNC
128th	Allan Bolt	196	411	Gosport	22	22	(0 DNC)	(0 DNC)	(0 DNC)	(0 DNC)	(0 DNC)	(0 DNC)	(0 DNC)	22	0 DNC	0 DNC	0 DNC	0 DNC	0 DNC	0 DNC
129th	Eric Austwick	540	805	Fleetwood	22	22	(0 DNC)	22	(0 DNC)	(0 DNC)	(0 DNC)	(0 DNC)	(0 DNC)	(0 DNC)	0 DNC	0 DNC	0 DNC	0 DNC	0 DNC	0 DNC
130th	Martin Smith	693		Dartmoor	20	20	(0 DNC)	(0 DNC)	(0 DNC)	(0 DNC)	(0 DNC)	(0 DNC)	(0 DNC)	(0 DNC)	0 DNC	0 DNC	20	0 DNC	0 DNC	0 DNC
131st	Tim Davison		119	Keighley	20	20	(0 DNC)	(0 DNC)	(0 DNC)	(0 DNC)	(0 DNC)	(0 DNC)	0 DNC	0 DNC	20	0 DNC	0 DNC	0 DNC	0 DNC	0 DNC
132nd	Geert Grevink	108		NED	18	18	(0 DNC)	(0 DNC)	(0 DNC)	(0 DNC)	(0 DNC)	(0 DNC)	0 DNC	0 DNC	0 DNC	0 DNC	0 DNC	0 DNC	0 DNC	18
133rd	Ronald Niezen		180	NED	18	18	(0 DNC)	(0 DNC)	(0 DNC)	(0 DNC)	(0 DNC)	(0 DNC)	0 DNC	0 DNC	0 DNC	0 DNC	0 DNC	0 DNC	18	0 DNC
134th	Victor Padget	801	304	Coalhouse Fort	18	18	(0 DNC)	(0 DNC)	(0 DNC)	(0 DNC)	(0 DNC)	18	0 DNC	0 DNC	0 DNC	0 DNC	0 DNC	0 DNC	0 DNC	0 DNC
135th	Alan Tickle	171		West Lancs	18	18	(0 DNC)	18	(0 DNC)	(0 DNC)	(0 DNC)	(0 DNC)	(0 DNC)	(0 DNC)	0 DNC	0 DNC	0 DNC	0 DNC	0 DNC	0 DNC
136th	Alan Wilson	358		East Kent	18	18	(0 DNC)	(0 DNC)	(0 DNC)	(0 DNC)	(0 DNC)	15	3	0 DNC	0 DNC	0 DNC	0 DNC	0 DNC	0 DNC	0 DNC
137th	Robert Andrews	379	835	Gresford	18	18	(0 DNC)	(0 DNC)	(0 DNC)	(0 DNC)	8	(0 DNC)	(0 DNC)	(0 DNC)	10	0 DNC	0 DNC	0 DNC	0 DNC	0 DNC
138th	John Nash	311		East Kent	17	17	(0 DNC)	(0 DNC)	(0 DNC)	(0 DNC)	(0 DNC)	(0 DNC)	17	(0 DNC)	0 DNC	0 DNC	0 DNC	0 DNC	0 DNC	0 DNC
139th	Robert Wallenburg	136		NED	14	14	(0 DNC)	(0 DNC)	(0 DNC)	(0 DNC)	(0 DNC)	(0 DNC)	0 DNC	0 DNC	0 DNC	0 DNC	0 DNC	0 DNC	0 DNC	14
140th	Gerry Gooch	341		Gosport	13	13	(0 DNC)	(0 DNC)	(0 DNC)	13	(0 DNC)	(0 DNC)	(0 DNC)	(0 DNC)	0 DNC	0 DNC	0 DNC	0 DNC	0 DNC	0 DNC
141st	Howard Dalton	64	364	Southend	11	11	(0 DNC)	(0 DNC)	(0 DNC)	(0 DNC)	(0 DNC)	(0 DNC)	0 DNC	11	0 DNC	0 DNC	0 DNC	0 DNC	0 DNC	0 DNC
142nd	Arthur Jackman	61		Eastbourne	11	11	(0 DNC)	(0 DNC)	(0 DNC)	(0 DNC)	(0 DNC)	(0 DNC)	11	0 DNC	0 DNC	0 DNC	0 DNC	0 DNC	0 DNC	0 DNC
143rd	Robert Gilbert	711		Nequay	10	10	(0 DNC)	(0 DNC)	(0 DNC)	(0 DNC)	(0 DNC)	(0 DNC)	(0 DNC)	10	0 DNC	0 DNC	0 DNC	0 DNC	0 DNC	0 DNC
144th	Geoff Howell		391	Coalhouse Fort	9	9	(0 DNC)	(0 DNC)	(0 DNC)	(0 DNC)	(0 DNC)	9	0 DNC	0 DNC	0 DNC	0 DNC	0 DNC	0 DNC	0 DNC	0 DNC
145th	Stuart Lockwood		146	Kirklees	7	7	(0 DNC)	(0 DNC)	(0 DNC)	(0 DNC)	(0 DNC)	(0 DNC)	0 DNC	0 DNC	7	0 DNC	0 DNC	0 DNC	0 DNC	0 DNC
146th	Peter Ellam		58	Emsworth	7	7	(0 DNC)	(0 DNC)	(0 DNC)	7	(0 DNC)	(0 DNC)	(0 DNC)	(0 DNC)	0 DNC	0 DNC	0 DNC	0 DNC	0 DNC	0 DNC
147th	Chris Forman		161	Portsmouth	6	6	(0 DNC)	(0 DNC)	6	(0 DNC)	(0 DNC)	(0 DNC)	(0 DNC)	(0 DNC)	0 DNC	0 DNC	0 DNC	0 DNC	0 DNC	0 DNC
148th	Chris Judd	295	529	Gosport	6	6	(0 DNC)	(0 DNC)	(0 DNC)	(0 DNC)	(0 DNC)	(0 DNC)	(0 DNC)	6	0 DNC	0 DNC	0 DNC	0 DNC	0 DNC	0 DNC
149th	Sam Gill		148	Keighley	5	5	(0 DNC)	(0 DNC)	(0 DNC)	(0 DNC)	(0 DNC)	(0 DNC)	0 DNC	0 DNC	5	0 DNC	0 DNC	0 DNC	0 DNC	0 DNC
150th	Tom Whamby		370	Lymington Town	5	5	(0 DNC)	(0 DNC)	(0 DNC)	5	(0 DNC)	(0 DNC)	(0 DNC)	(0 DNC)	0 DNC	0 DNC	0 DNC	0 DNC	0 DNC	0 DNC
151st	Tim Wood	128		HCMYC	4	4	(0 DNC)	(0 DNC)	4	(0 DNC)	(0 DNC)	(0 DNC)	(0 DNC)	(0 DNC)	0 DNC	0 DNC	0 DNC	0 DNC	0 DNC	0 DNC
152nd	Dan McCarthy		86	Lymington	4	4	(0 DNC)	(0 DNC)	4	(0 DNC)	(0 DNC)	(0 DNC)	(0 DNC)	(0 DNC)	0 DNC	0 DNC	0 DNC	0 DNC	0 DNC	0 DNC
153rd	Mike Benson	883		Fleetwood	4	4	(0 DNC)	(0 DNC)	(0 DNC)	(0 DNC)	(0 DNC)	(0 DNC)	(0 DNC)	(0 DNC)	4	0 DNC	0 DNC	0 DNC	0 DNC	0 DNC
154th	Oscar Hartog		164	NED	3	3	(0 DNC)	(0 DNC)	(0 DNC)	(0 DNC)	(0 DNC)	(0 DNC)	0 DNC	0 DNC	0 DNC	0 DNC	0 DNC	0 DNC	3	0 DNC
155th	Chris White	116		Dartmoor	3	3	(0 DNC)	(0 DNC)	(0 DNC)	(0 DNC)	(0 DNC)	(0 DNC)	(0 DNC)	(0 DNC)	0 DNC	0 DNC	3	0 DNC	0 DNC	0 DNC
156th	Stig Stromkvist		133	Sweden	3	3	(0 DNC)	(0 DNC)	(0 DNC)	(0 DNC)	(0 DNC)	(0 DNC)	0 DNC	3	0 DNC	0 DNC	0 DNC	0 DNC	0 DNC	0 DNC
157th	Sigis Golbourne	286		Woodspring	3	3	(0 DNC)	(0 DNC)	(0 DNC)	(0 DNC)	(0 DNC)	(0 DNC)	(0 DNC)	(0 DNC)	0 DNC	0 DNC	3	0 DNC	0 DNC	0 DNC
158th	Ruurt van der Sluis	1		NED	2	2	(0 DNC)	(0 DNC)	(0 DNC)	(0 DNC)	(0 DNC)	(0 DNC)	0 DNC	0 DNC	0 DNC	0 DNC	0 DNC	0 DNC	0 DNC	2
159th	Alan Fernhead	174	264	Hove Lagoon	2	2	(0 DNC)	(0 DNC)	(0 DNC)	(0 DNC)	(0 DNC)	(0 DNC)	(0 DNC)	2	0 DNC	0 DNC	0 DNC	0 DNC	0 DNC	0 DNC
160th	George Patten	11	157	Eastbourne	1	1	(0 DNC)	(0 DNC)	(0 DNC)	(0 DNC)	(0 DNC)	(0 DNC)	1	0 DNC	0 DNC	0 DNC	0 DNC	0 DNC	0 DNC	0 DNC
161st	Dick Howell		86	Emsworth	1	1	(0 DNC)	(0 DNC)	(0 DNC)	1	(0 DNC)	(0 DNC)	(0 DNC)	(0 DNC)	0 DNC	0 DNC	0 DNC	0 DNC	0 DNC	0 DNC
162nd	Bill Lees		31	Ayr Bay RYC	1	1	(0 DNC)	(0 DNC)	(0 DNC)	(0 DNC)	(0 DNC)	(0 DNC)	0 DNC	1	0 DNC	0 DNC	0 DNC	0 DNC	0 DNC	0 DNC
163rd	Mike Clifton		82	Two Islands	0	0	(0 DNC)	(0 DNC)	(0 DNC)	(0 DNC)	(0 DNC)	(0 DNC)	(0 DNC)	0 OOD	0 DNC	0 DNC	0 DNC	0 DNC	0 DNC	0 DNC
163rd	Rob Innemee	19		NED	0	0	(0 DNC)	(0 DNC)	(0 DNC)	(0 DNC)	(0 DNC)	(0 DNC)	0 DNC	0 DNC	0 DNC	0 DNC	0 DNC	0 DNC	0 DNC	0 DNC
163rd	Wim Bakker	2		NED	0	0	(0 DNC)	(0 DNC)	(0 DNC)	(0 DNC)	(0 DNC)	(0 DNC)	0 DNC	0 DNC	0 DNC	0 DNC	0 DNC	0 DNC	0 DNC	0 DNC
163rd	Ronald Niezen	29		NED	0	0	(0 DNC)	(0 DNC)	(0 DNC)	(0 DNC)	(0 DNC)	(0 DNC)	0 DNC	0 DNC	0 DNC	0 DNC	0 DNC	0 DNC	0 DNC	0 DNC
TT Round 1 - DF65 @ West Lancs
TT Round 2 - DF95 @ West Lancs
TT Round 3 - DF65 @ Gosport
TT Round 4 - DF95 @ Gosport
TT Round 5 - DF95 @ Birkenhead
TT Round 6 - DF95 @ Birkenhead
TT Round 7 - DF95 Nationals @ Eastbourne
TT Round 8 - DF65 Nationals @ Two Islands
TT Round 9 - DF65 @ Keighley
TT Round 10 - DF95 @ Keighley
TT Round 11 - DF65 @ Dartmoor
TT Round 12 - DF95 @ Dartmoor
TT Round 13 - DF65 @ Alton Water - Cancelled
TT Round 14 - DF95 @ Alton Water - Cancelled
TT Round 15 - DF65 @ Leiden, Holland
TT Round 16 - DF95 @ Leiden, Holland
TT Round 17 - DF65 @ Fleetwood
TT Round 18 - DF95 @ Fleetwood
Sailwave Scoring Software 2.28.1
www.sailwave.com
